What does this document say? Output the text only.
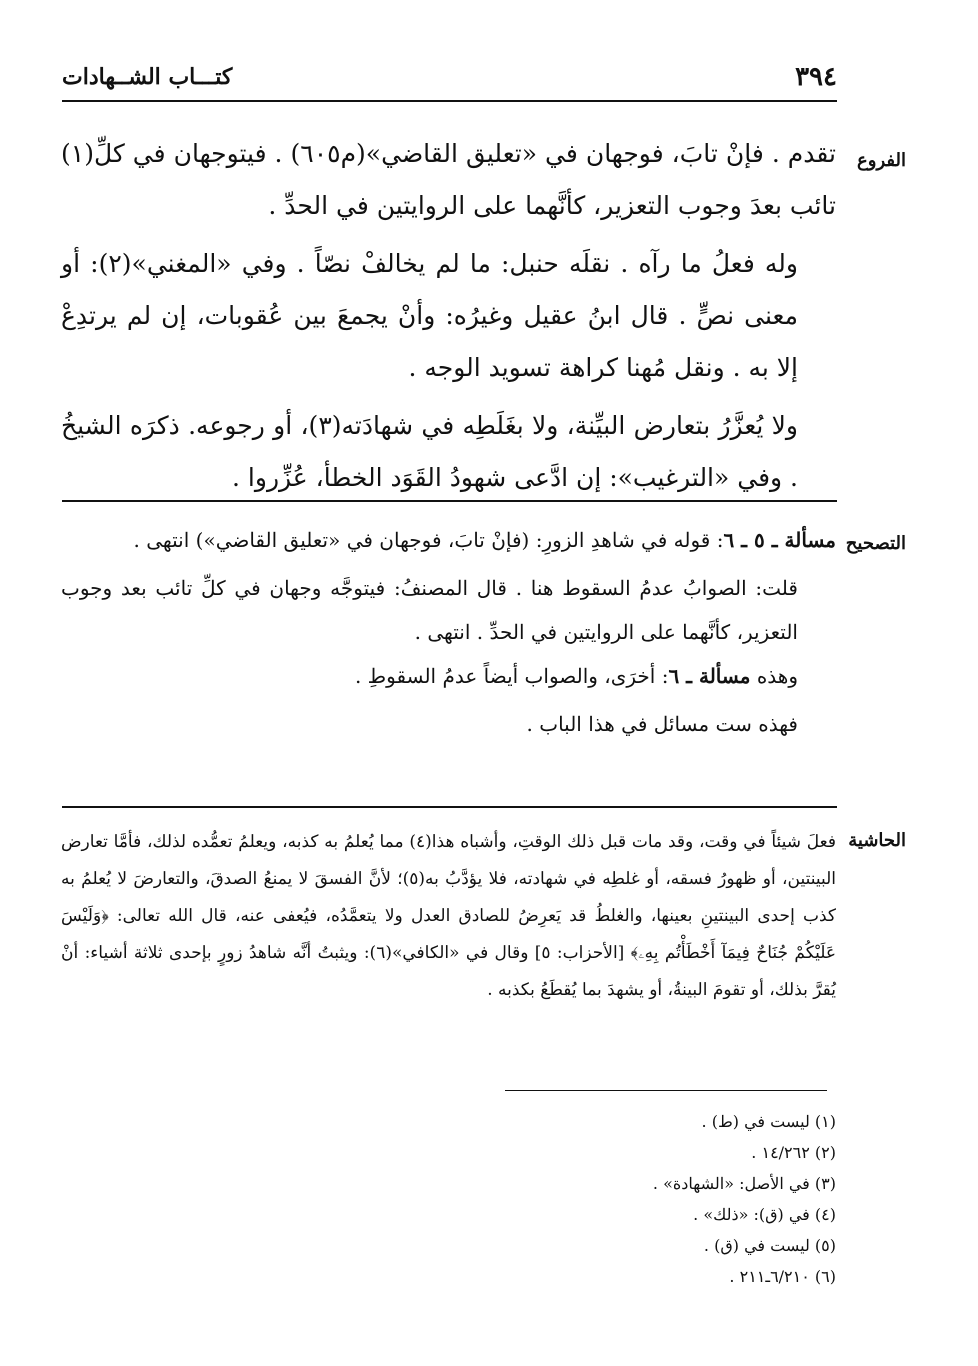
كتـــاب الشــهادات	٣٩٤
الفروع

تقدم . فإنْ تابَ، فوجهان في «تعليق القاضي»(م٦٠٥) . فيتوجهان في كلِّ(١) تائب بعدَ وجوب التعزير، كأنَّهما على الروايتين في الحدِّ .

وله فعلُ ما رآه . نقلَه حنبل: ما لم يخالفْ نصّاً . وفي «المغني»(٢): أو معنى نصٍّ . قال ابنُ عقيل وغيرُه: وأنْ يجمعَ بين عُقوبات، إن لم يرتدِعْ إلا به . ونقل مُهنا كراهة تسويد الوجه .

ولا يُعزَّرُ بتعارض البيِّنة، ولا بغَلَطِه في شهادَته(٣)، أو رجوعه. ذكرَه الشيخُ . وفي «الترغيب»: إن ادَّعى شهودُ القَوَد الخطأ، عُزِّروا .

التصحيح
مسألة ـ ٥ ـ ٦: قوله في شاهدِ الزورِ: (فإنْ تابَ، فوجهان في «تعليق القاضي») انتهى .

قلت: الصوابُ عدمُ السقوط هنا . قال المصنفُ: فيتوجَّه وجهان في كلِّ تائب بعد وجوب التعزير، كأنَّهما على الروايتين في الحدِّ . انتهى .

وهذه مسألة ـ ٦: أخرَى، والصواب أيضاً عدمُ السقوطِ .

فهذه ست مسائل في هذا الباب .

الحاشية

فعلَ شيئاً في وقت، وقد مات قبل ذلك الوقتِ، وأشباه هذا(٤) مما يُعلمُ به كذبه، ويعلمُ تعمُّده لذلك، فأمَّا تعارض البينتين، أو ظهورُ فسقه، أو غلطِه في شهادته، فلا يؤدَّبُ به(٥)؛ لأنَّ الفسقَ لا يمنعُ الصدقَ، والتعارضَ لا يُعلمُ به كذب إحدى البينتينِ بعينها، والغلطُ قد يَعرِضُ للصادق العدل ولا يتعمَّدُه، فيُعفى عنه، قال الله تعالى: ﴿وَلَيْسَ عَلَيْكُمْ جُنَاحٌ فِيمَآ أَخْطَأْتُم بِهِۦ﴾ [الأحزاب: ٥] وقال في «الكافي»(٦): ويثبتُ أنَّه شاهدُ زورٍ بإحدى ثلاثة أشياء: أنْ يُقرَّ بذلك، أو تقومَ البينةُ، أو يشهدَ بما يُقطَعُ بكذبه .

(١) ليست في (ط) .
(٢) ١٤/٢٦٢ .
(٣) في الأصل: «الشهادة» .
(٤) في (ق): «ذلك» .
(٥) ليست في (ق) .
(٦) ٦/٢١٠ـ٢١١ .
